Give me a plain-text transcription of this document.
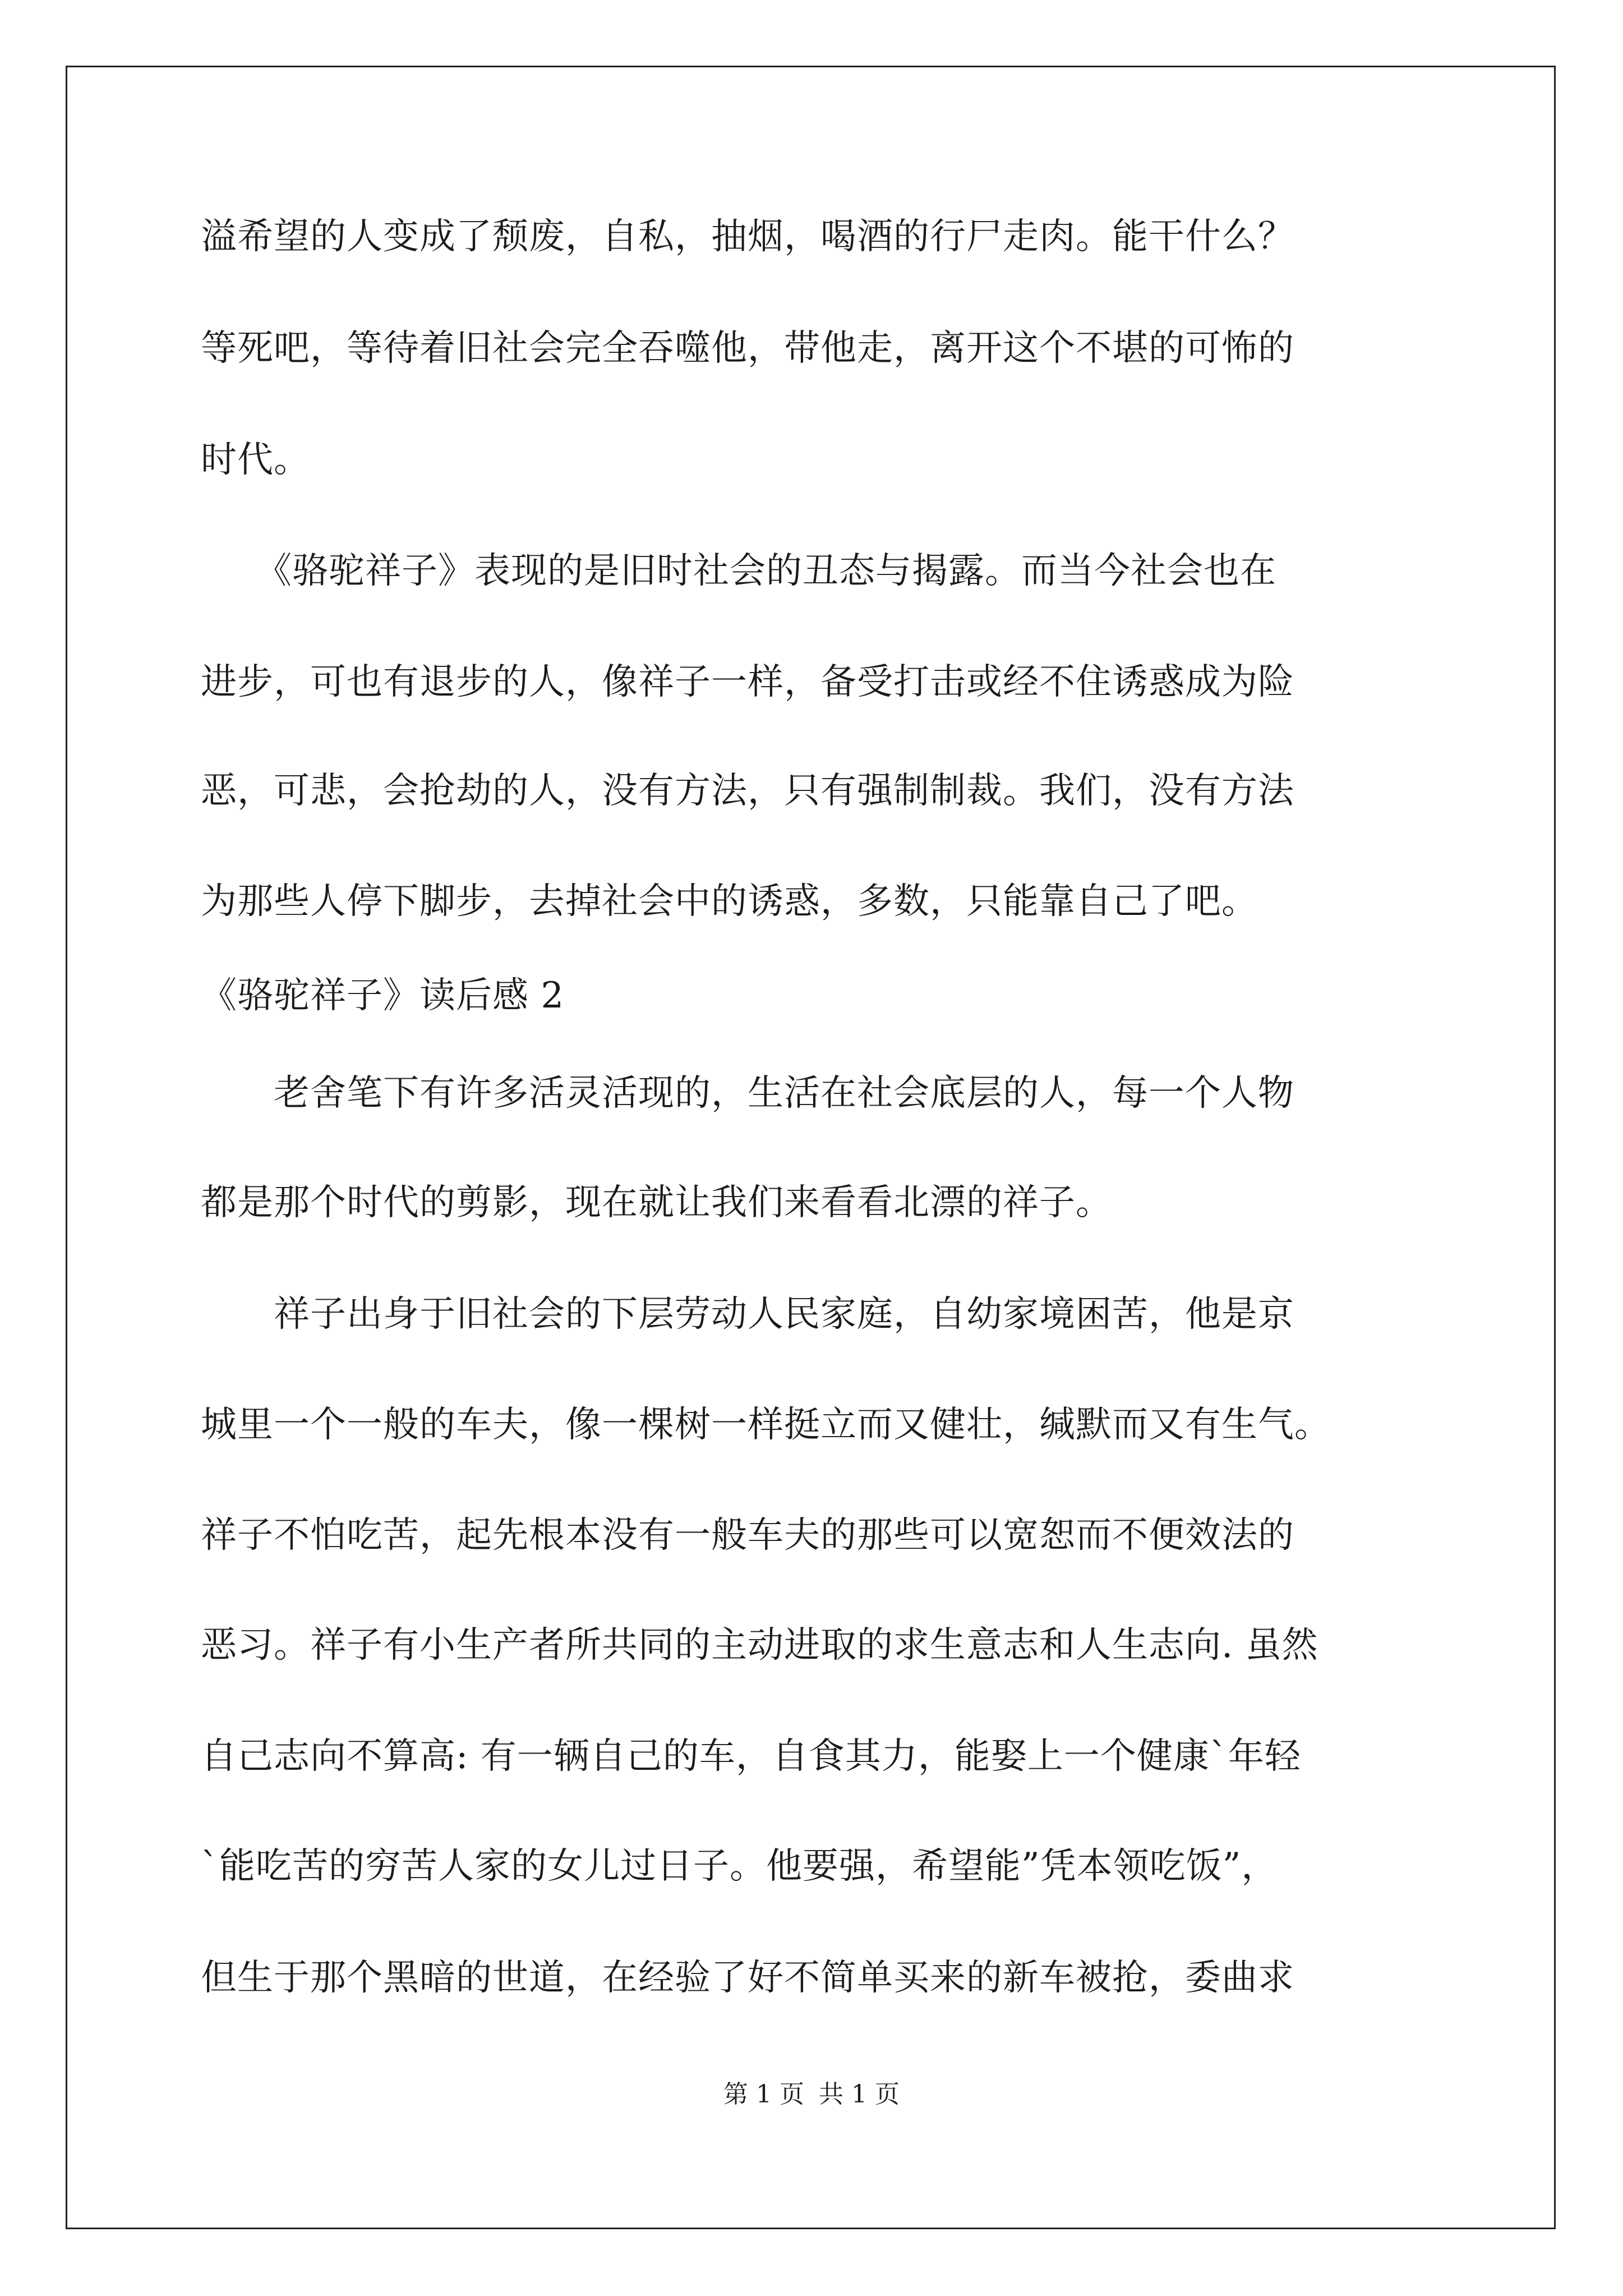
溢希望的人变成了颓废，自私，抽烟，喝酒的行尸走肉。能干什么？
等死吧，等待着旧社会完全吞噬他，带他走，离开这个不堪的可怖的
时代。
　　《骆驼祥子》表现的是旧时社会的丑态与揭露。而当今社会也在
进步，可也有退步的人，像祥子一样，备受打击或经不住诱惑成为险
恶，可悲，会抢劫的人，没有方法，只有强制制裁。我们，没有方法
为那些人停下脚步，去掉社会中的诱惑，多数，只能靠自己了吧。
《骆驼祥子》读后感 2
　　老舍笔下有许多活灵活现的，生活在社会底层的人，每一个人物
都是那个时代的剪影，现在就让我们来看看北漂的祥子。
　　祥子出身于旧社会的下层劳动人民家庭，自幼家境困苦，他是京
城里一个一般的车夫，像一棵树一样挺立而又健壮，缄默而又有生气。
祥子不怕吃苦，起先根本没有一般车夫的那些可以宽恕而不便效法的
恶习。祥子有小生产者所共同的主动进取的求生意志和人生志向. 虽然
自己志向不算高: 有一辆自己的车，自食其力，能娶上一个健康`年轻
`能吃苦的穷苦人家的女儿过日子。他要强，希望能”凭本领吃饭”，
但生于那个黑暗的世道，在经验了好不简单买来的新车被抢，委曲求
第 1 页 共 1 页
